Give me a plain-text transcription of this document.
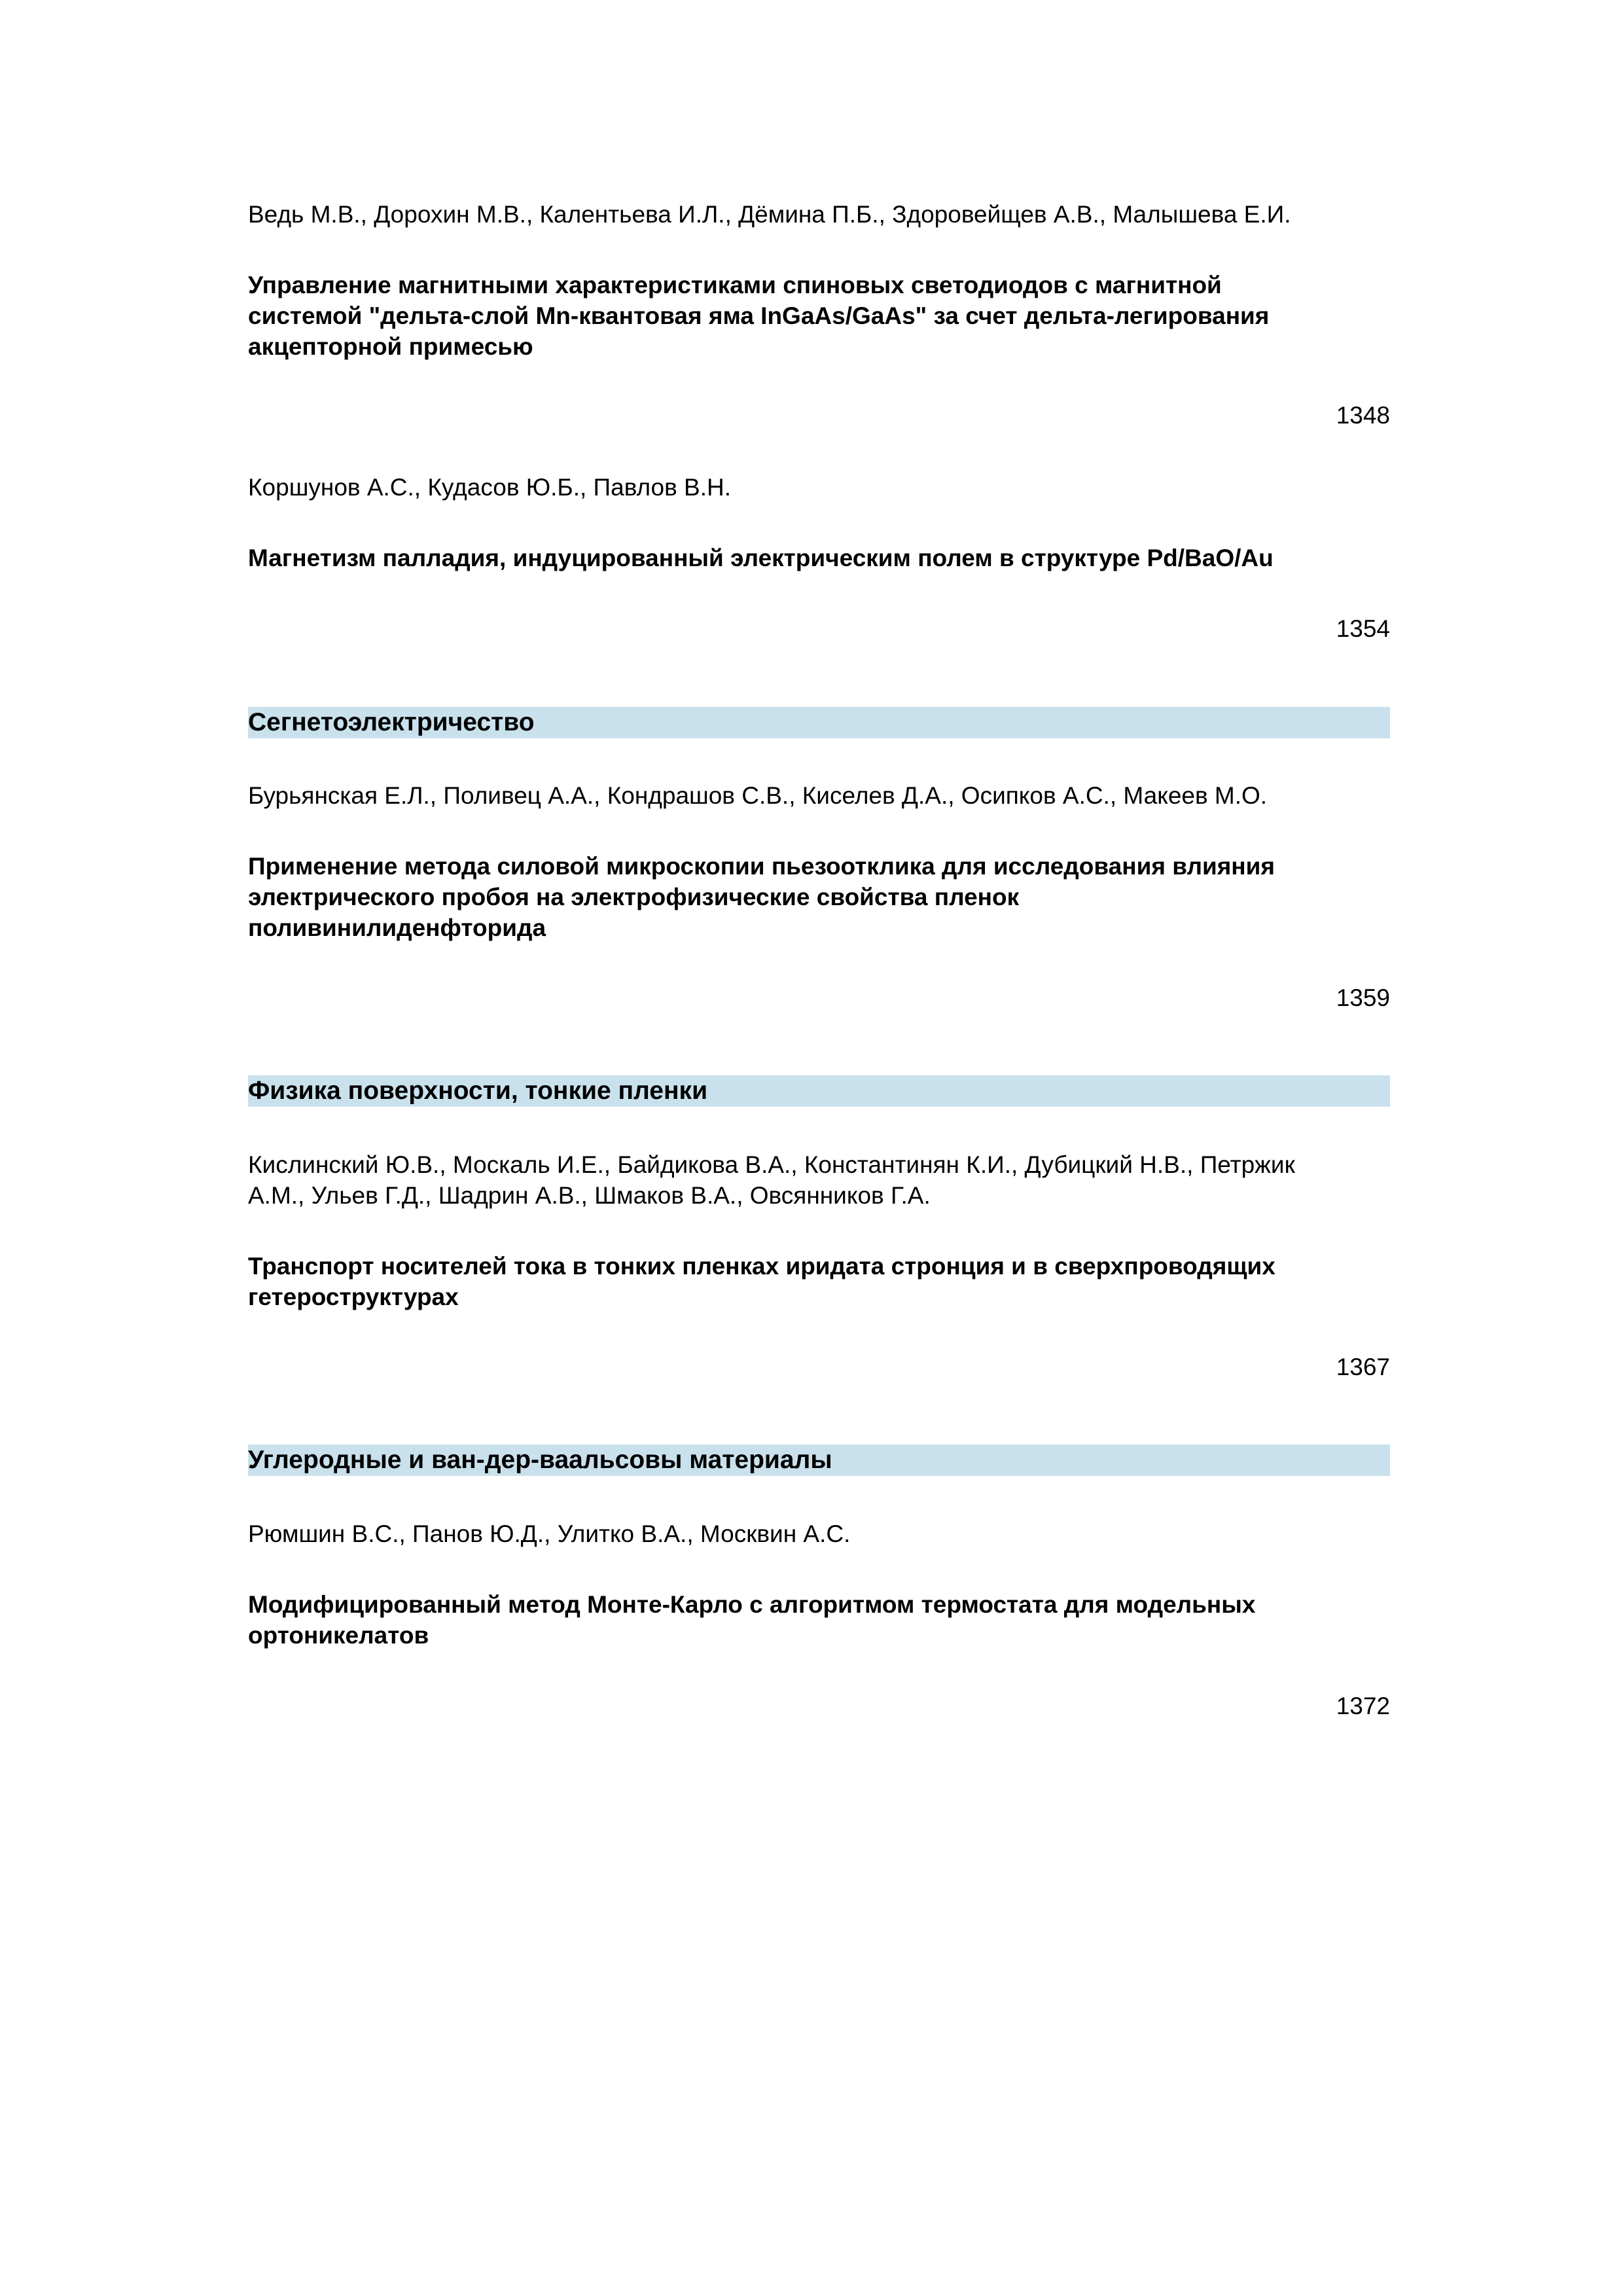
Ведь М.В., Дорохин М.В., Калентьева И.Л., Дёмина П.Б., Здоровейщев А.В., Малышева Е.И.
Управление магнитными характеристиками спиновых светодиодов с магнитной
системой "дельта-слой Mn-квантовая яма InGaAs/GaAs" за счет дельта-легирования
акцепторной примесью
1348
Коршунов А.С., Кудасов Ю.Б., Павлов В.Н.
Магнетизм палладия, индуцированный электрическим полем в структуре Pd/BaO/Au
1354
Сегнетоэлектричество
Бурьянская Е.Л., Поливец А.А., Кондрашов С.В., Киселев Д.А., Осипков А.С., Макеев М.О.
Применение метода силовой микроскопии пьезоотклика для исследования влияния
электрического пробоя на электрофизические свойства пленок
поливинилиденфторида
1359
Физика поверхности, тонкие пленки
Кислинский Ю.В., Москаль И.Е., Байдикова В.А., Константинян К.И., Дубицкий Н.В., Петржик
А.М., Ульев Г.Д., Шадрин А.В., Шмаков В.А., Овсянников Г.А.
Транспорт носителей тока в тонких пленках иридата стронция и в сверхпроводящих
гетероструктурах
1367
Углеродные и ван-дер-ваальсовы материалы
Рюмшин В.С., Панов Ю.Д., Улитко В.А., Москвин А.С.
Модифицированный метод Монте-Карло с алгоритмом термостата для модельных
ортоникелатов
1372
